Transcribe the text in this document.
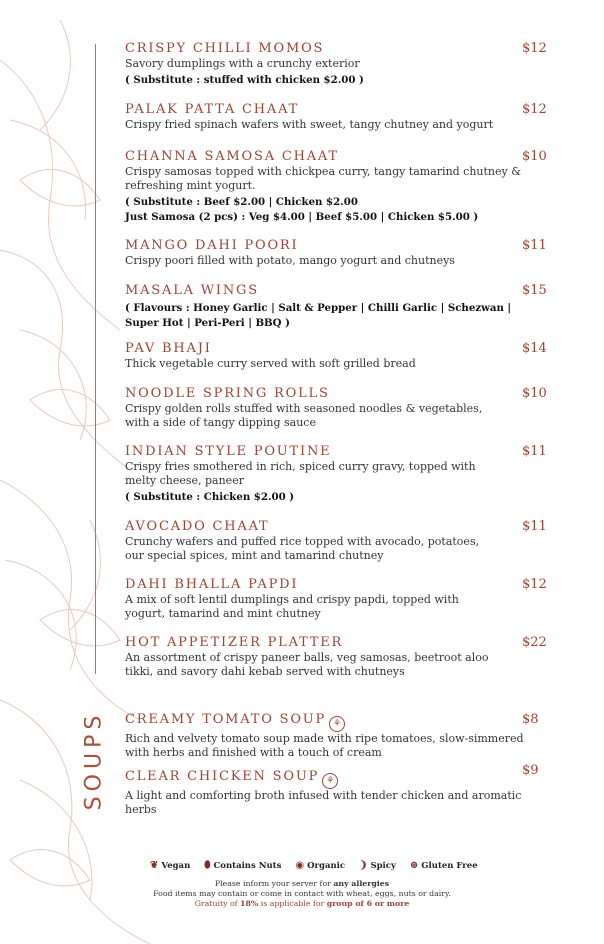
CRISPY CHILLI MOMOS
Savory dumplings with a crunchy exterior
( Substitute : stuffed with chicken $2.00 )
$12
PALAK PATTA CHAAT
Crispy fried spinach wafers with sweet, tangy chutney and yogurt
$12
CHANNA SAMOSA CHAAT
Crispy samosas topped with chickpea curry, tangy tamarind chutney &
refreshing mint yogurt.
( Substitute : Beef $2.00 | Chicken $2.00
Just Samosa (2 pcs) : Veg $4.00 | Beef $5.00 | Chicken $5.00 )
$10
MANGO DAHI POORI
Crispy poori filled with potato, mango yogurt and chutneys
$11
MASALA WINGS
( Flavours : Honey Garlic | Salt & Pepper | Chilli Garlic | Schezwan |
Super Hot | Peri-Peri | BBQ )
$15
PAV BHAJI
Thick vegetable curry served with soft grilled bread
$14
NOODLE SPRING ROLLS
Crispy golden rolls stuffed with seasoned noodles & vegetables,
with a side of tangy dipping sauce
$10
INDIAN STYLE POUTINE
Crispy fries smothered in rich, spiced curry gravy, topped with
melty cheese, paneer
( Substitute : Chicken $2.00 )
$11
AVOCADO CHAAT
Crunchy wafers and puffed rice topped with avocado, potatoes,
our special spices, mint and tamarind chutney
$11
DAHI BHALLA PAPDI
A mix of soft lentil dumplings and crispy papdi, topped with
yogurt, tamarind and mint chutney
$12
HOT APPETIZER PLATTER
An assortment of crispy paneer balls, veg samosas, beetroot aloo
tikki, and savory dahi kebab served with chutneys
$22
SOUPS CREAMY TOMATO SOUP ⚘
Rich and velvety tomato soup made with ripe tomatoes, slow-simmered
with herbs and finished with a touch of cream
$8
CLEAR CHICKEN SOUP ⚘
A light and comforting broth infused with tender chicken and aromatic
herbs
$9
❦ Vegan ⬮ Contains Nuts ◉ Organic ❩ Spicy ⊛ Gluten Free
Please inform your server for any allergies
Food items may contain or come in contact with wheat, eggs, nuts or dairy.
Gratuity of 18% is applicable for group of 6 or more
